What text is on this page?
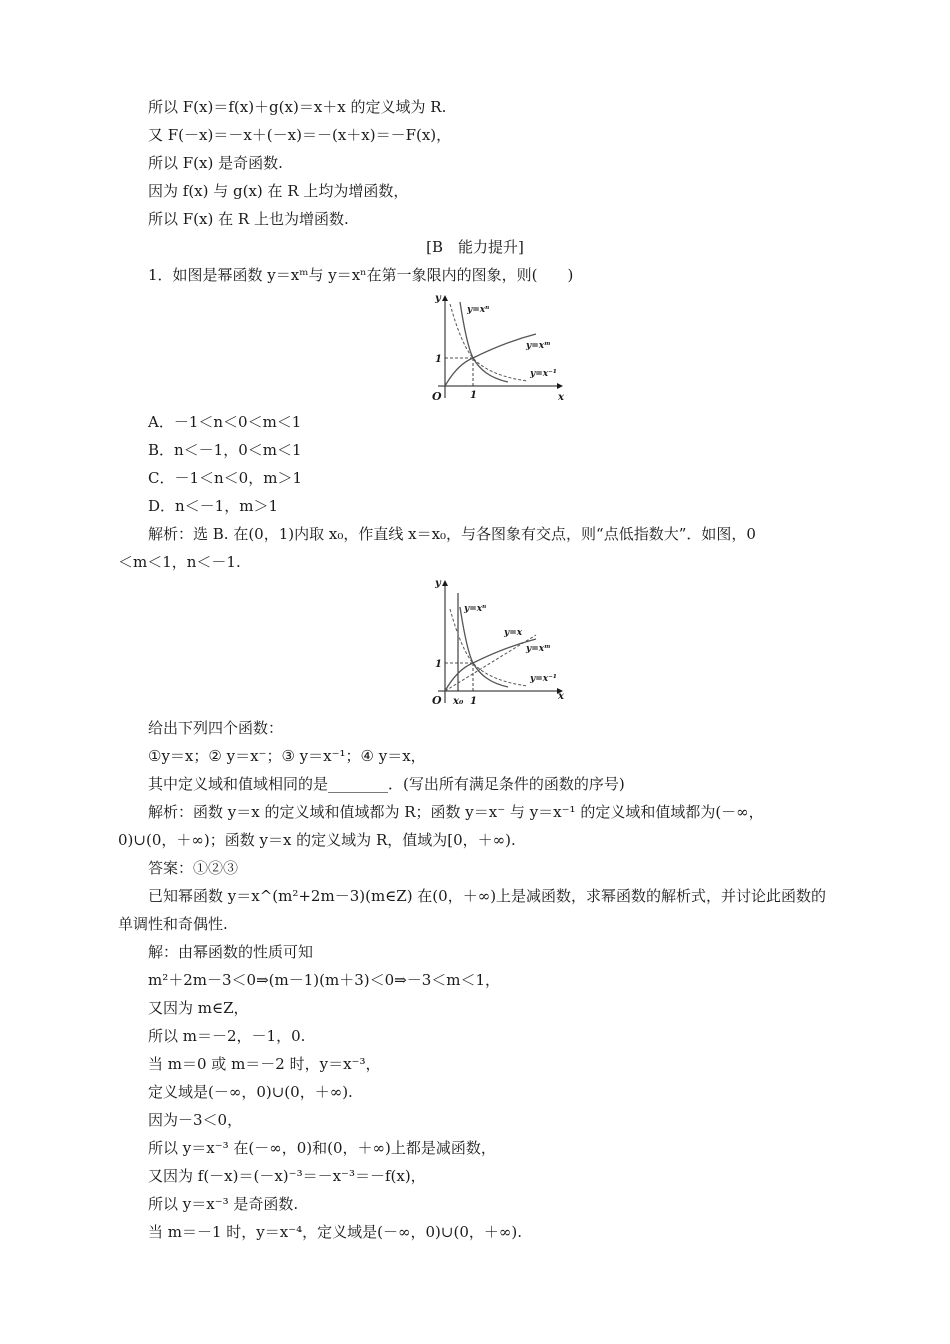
所以 F(x)＝f(x)＋g(x)＝x＋x 的定义域为 R.
又 F(－x)＝－x＋(－x)＝－(x＋x)＝－F(x)，
所以 F(x) 是奇函数.
因为 f(x) 与 g(x) 在 R 上均为增函数，
所以 F(x) 在 R 上也为增函数.
[B　能力提升]
1．如图是幂函数 y＝xᵐ与 y＝xⁿ在第一象限内的图象，则(　　)
y
x
O	1
1
y=xⁿ
y=xᵐ
y=x⁻¹
A．－1＜n＜0＜m＜1
B．n＜－1，0＜m＜1
C．－1＜n＜0，m＞1
D．n＜－1，m＞1
解析：选 B. 在(0，1)内取 x₀，作直线 x＝x₀，与各图象有交点，则“点低指数大”．如图，0
＜m＜1，n＜－1.
y
x
O x₀ 1
1
y=xⁿ
y=x
y=xᵐ
y=x⁻¹
给出下列四个函数：
①y＝x；② y＝x⁻；③ y＝x⁻¹；④ y＝x，
其中定义域和值域相同的是________．(写出所有满足条件的函数的序号)
解析：函数 y＝x 的定义域和值域都为 R；函数 y＝x⁻ 与 y＝x⁻¹ 的定义域和值域都为(－∞，
0)∪(0，＋∞)；函数 y＝x 的定义域为 R，值域为[0，＋∞).
答案：①②③
已知幂函数 y＝x^(m²+2m－3)(m∈Z) 在(0，＋∞)上是减函数，求幂函数的解析式，并讨论此函数的
单调性和奇偶性.
解：由幂函数的性质可知
m²＋2m－3＜0⇒(m－1)(m＋3)＜0⇒－3＜m＜1，
又因为 m∈Z，
所以 m＝－2，－1，0.
当 m＝0 或 m＝－2 时，y＝x⁻³，
定义域是(－∞，0)∪(0，＋∞).
因为－3＜0，
所以 y＝x⁻³ 在(－∞，0)和(0，＋∞)上都是减函数，
又因为 f(－x)＝(－x)⁻³＝－x⁻³＝－f(x)，
所以 y＝x⁻³ 是奇函数.
当 m＝－1 时，y＝x⁻⁴，定义域是(－∞，0)∪(0，＋∞).
